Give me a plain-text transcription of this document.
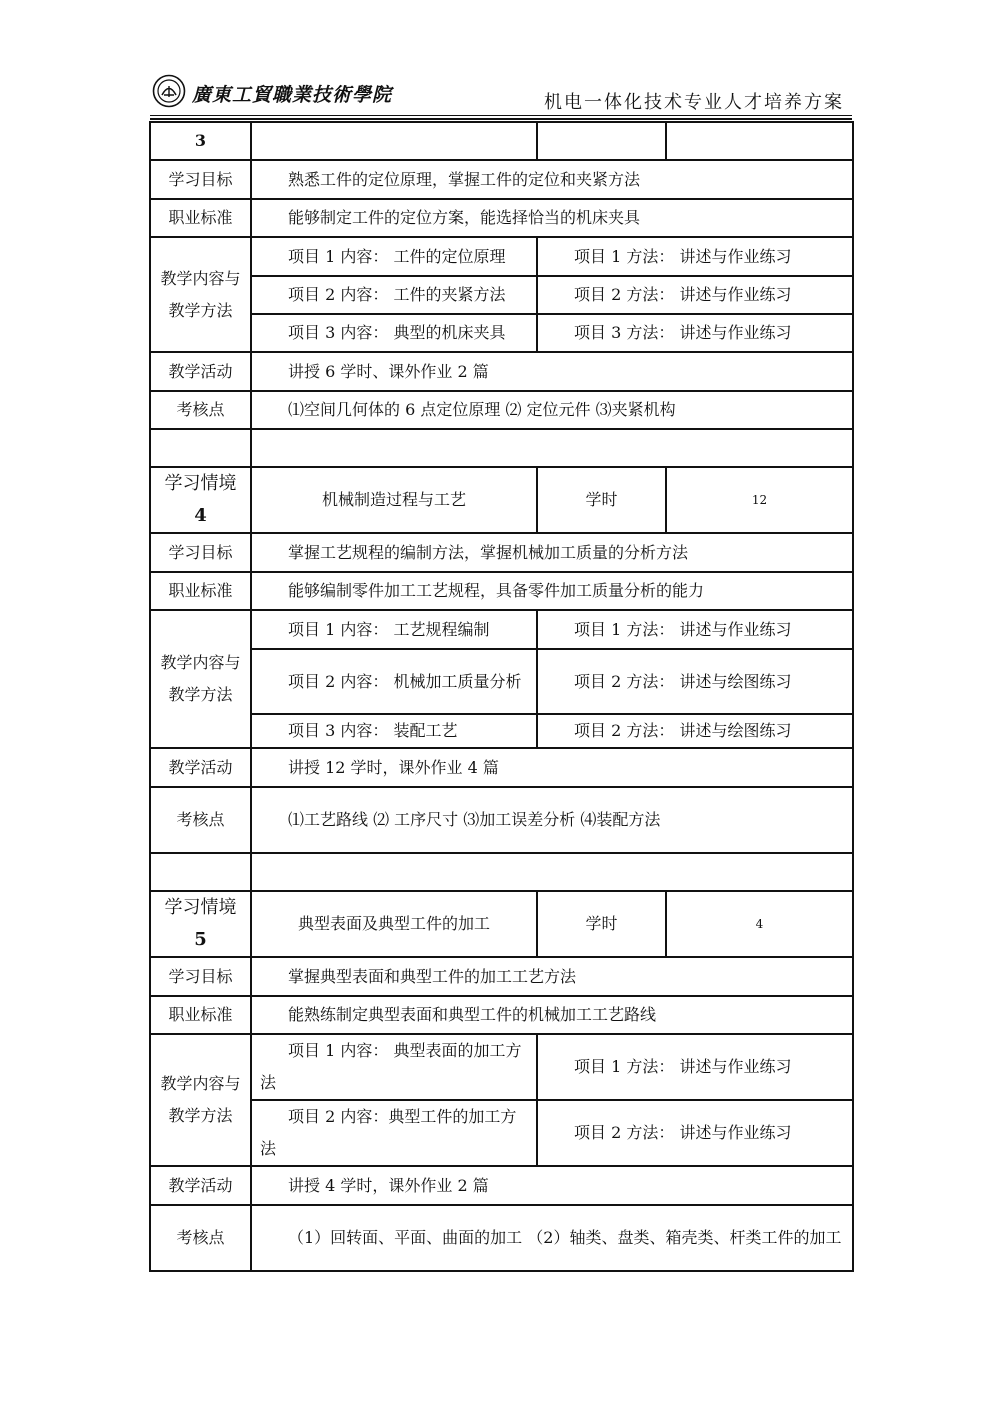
廣東工貿職業技術學院	机电一体化技术专业人才培养方案
3			
学习目标	熟悉工件的定位原理，掌握工件的定位和夹紧方法		
职业标准	能够制定工件的定位方案，能选择恰当的机床夹具		
教学内容与教学方法	项目 1 内容： 工件的定位原理	项目 1 方法： 讲述与作业练习	
	项目 2 内容： 工件的夹紧方法	项目 2 方法： 讲述与作业练习	
	项目 3 内容： 典型的机床夹具	项目 3 方法： 讲述与作业练习	
教学活动	讲授 6 学时、课外作业 2 篇		
考核点	⑴空间几何体的 6 点定位原理 ⑵ 定位元件 ⑶夹紧机构		

学习情境
4	机械制造过程与工艺	学时	12
学习目标	掌握工艺规程的编制方法，掌握机械加工质量的分析方法		
职业标准	能够编制零件加工工艺规程，具备零件加工质量分析的能力		
教学内容与教学方法	项目 1 内容： 工艺规程编制	项目 1 方法： 讲述与作业练习	
	项目 2 内容： 机械加工质量分析	项目 2 方法： 讲述与绘图练习	
	项目 3 内容： 装配工艺	项目 2 方法： 讲述与绘图练习	
教学活动	讲授 12 学时，课外作业 4 篇		
考核点	⑴工艺路线 ⑵ 工序尺寸 ⑶加工误差分析 ⑷装配方法		

学习情境
5	典型表面及典型工件的加工	学时	4
学习目标	掌握典型表面和典型工件的加工工艺方法		
职业标准	能熟练制定典型表面和典型工件的机械加工工艺路线		
教学内容与教学方法	项目 1 内容： 典型表面的加工方法	项目 1 方法： 讲述与作业练习	
	项目 2 内容：典型工件的加工方法	项目 2 方法： 讲述与作业练习	
教学活动	讲授 4 学时，课外作业 2 篇		
考核点	（1）回转面、平面、曲面的加工 （2）轴类、盘类、箱壳类、杆类工件的加工		
